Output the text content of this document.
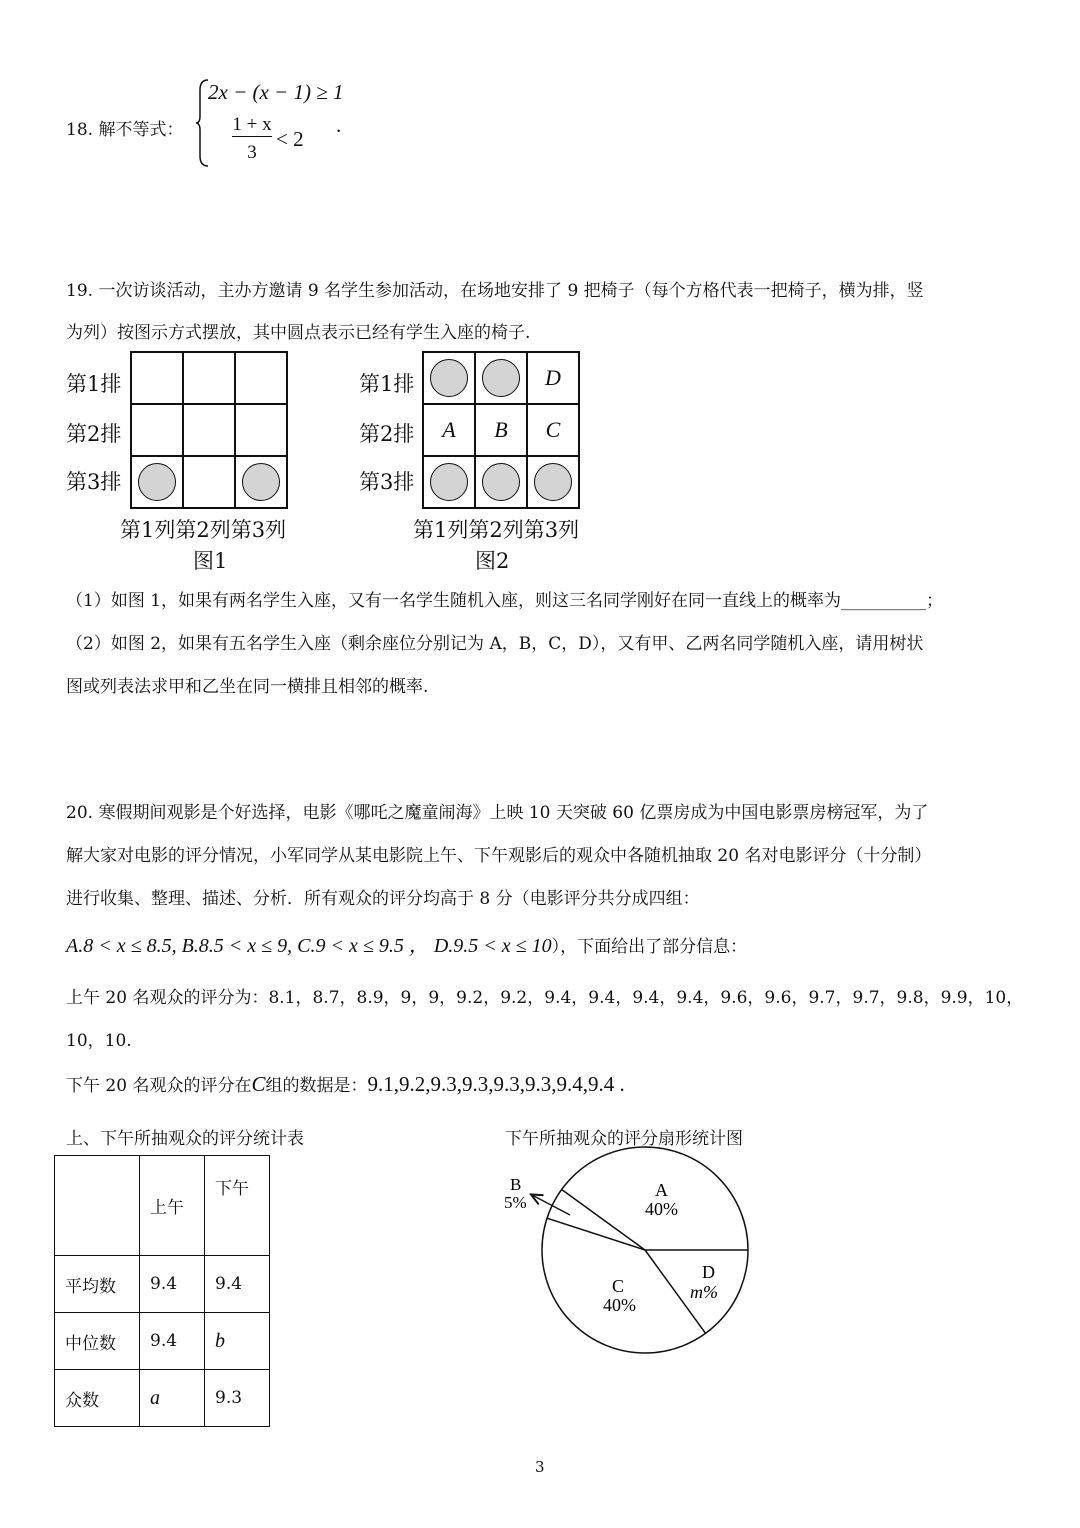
18. 解不等式：
2x − (x − 1) ≥ 1
1 + x
3
< 2
.
19. 一次访谈活动，主办方邀请 9 名学生参加活动，在场地安排了 9 把椅子（每个方格代表一把椅子，横为排，竖
为列）按图示方式摆放，其中圆点表示已经有学生入座的椅子.
第1排
第2排
第3排

第1列第2列第3列
图1
第1排
第2排
第3排
		D
A	B	C

第1列第2列第3列
图2
（1）如图 1，如果有两名学生入座，又有一名学生随机入座，则这三名同学刚好在同一直线上的概率为__________；
（2）如图 2，如果有五名学生入座（剩余座位分别记为 A，B，C，D），又有甲、乙两名同学随机入座，请用树状
图或列表法求甲和乙坐在同一横排且相邻的概率.
20. 寒假期间观影是个好选择，电影《哪吒之魔童闹海》上映 10 天突破 60 亿票房成为中国电影票房榜冠军，为了
解大家对电影的评分情况，小军同学从某电影院上午、下午观影后的观众中各随机抽取 20 名对电影评分（十分制）
进行收集、整理、描述、分析．所有观众的评分均高于 8 分（电影评分共分成四组：
A.8 < x ≤ 8.5, B.8.5 < x ≤ 9, C.9 < x ≤ 9.5 ， D.9.5 < x ≤ 10），下面给出了部分信息：
上午 20 名观众的评分为：8.1，8.7，8.9，9，9，9.2，9.2，9.4，9.4，9.4，9.4，9.6，9.6，9.7，9.7，9.8，9.9，10，
10，10.
下午 20 名观众的评分在C组的数据是：9.1,9.2,9.3,9.3,9.3,9.3,9.4,9.4 .
上、下午所抽观众的评分统计表	下午所抽观众的评分扇形统计图
	上午	下午
平均数	9.4	9.4
中位数	9.4	b
众数	a	9.3
B
5%
A
40%
C
40%
D
m%
3
